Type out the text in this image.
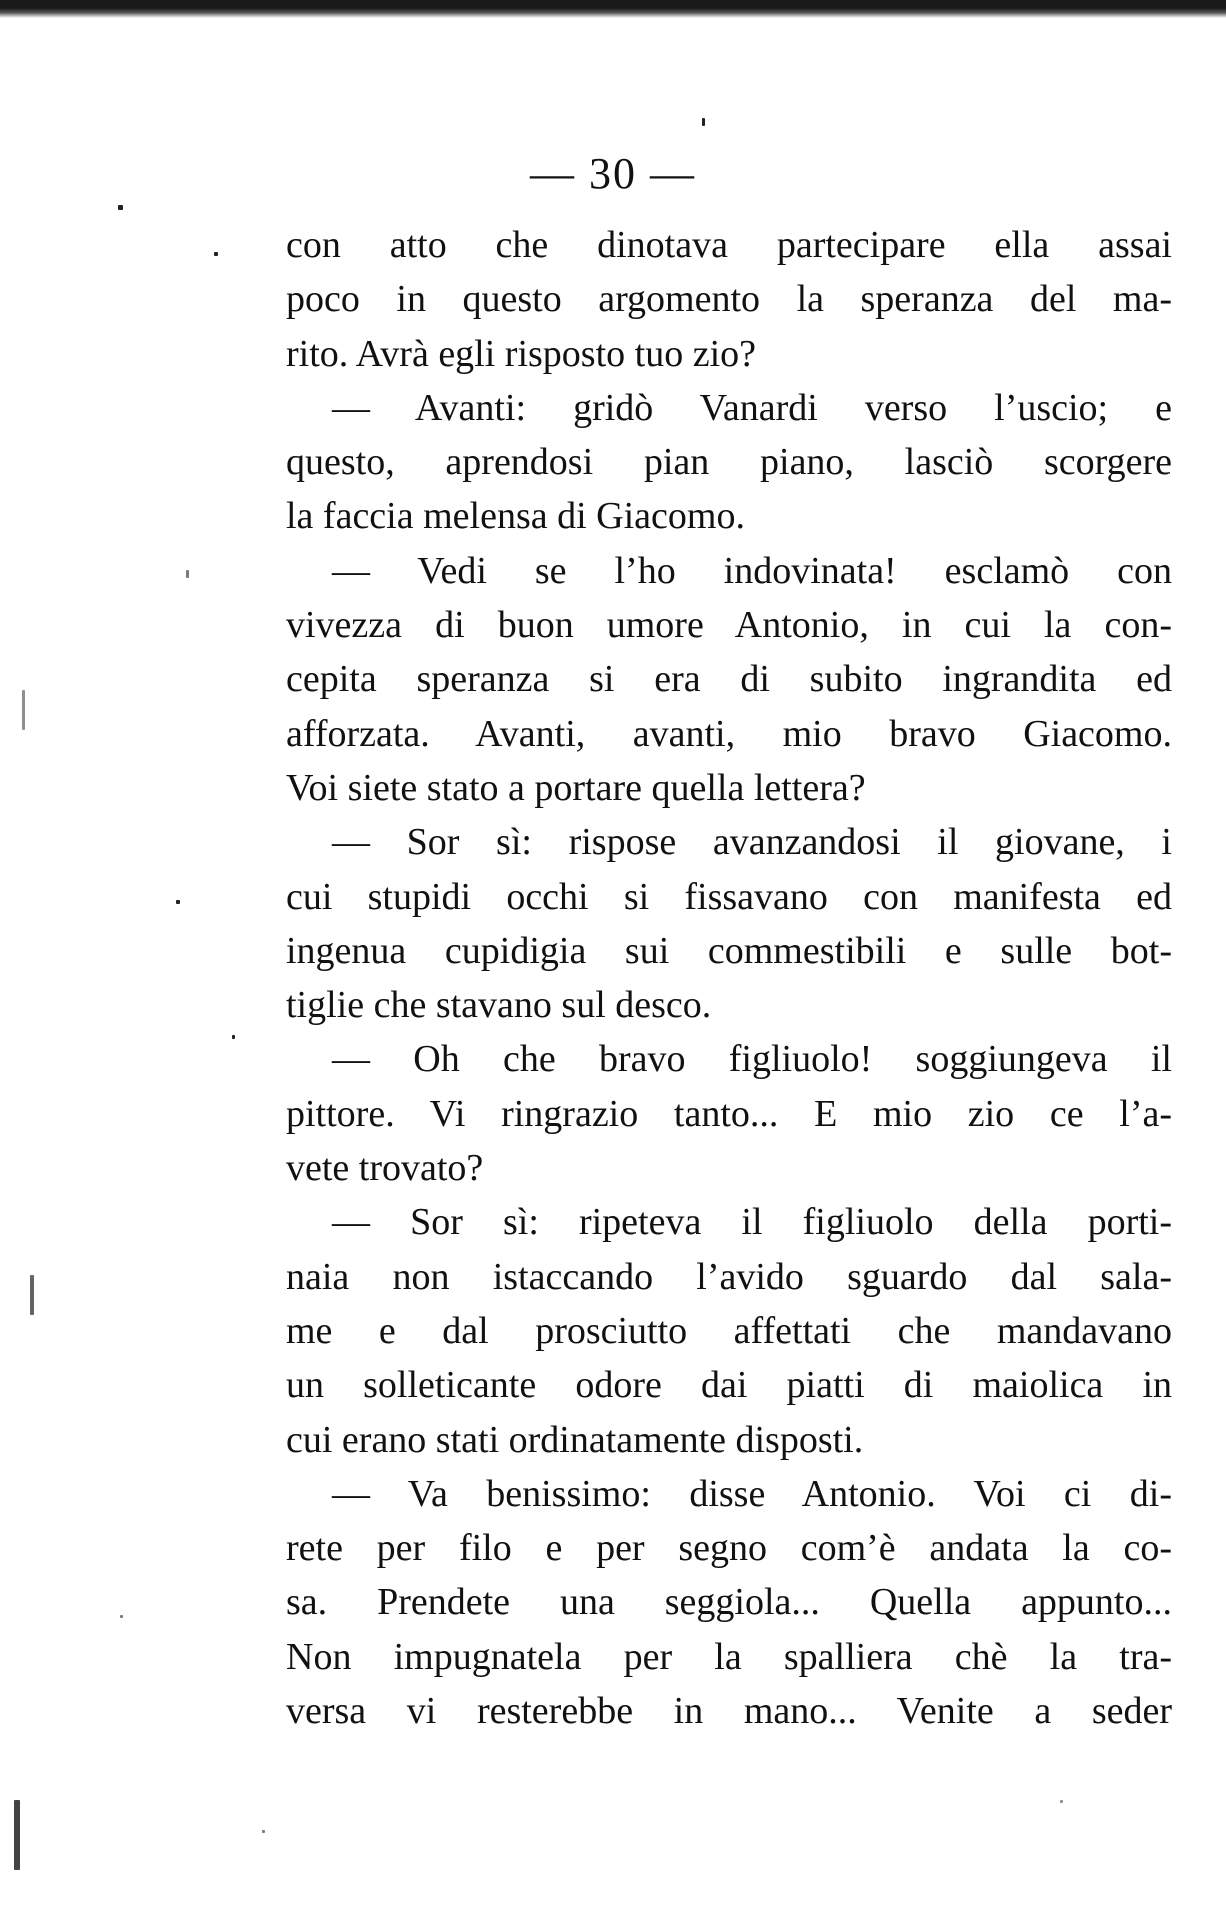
— 30 —
con atto che dinotava partecipare ella assai
poco in questo argomento la speranza del ma-
rito. Avrà egli risposto tuo zio?
— Avanti: gridò Vanardi verso l’uscio; e
questo, aprendosi pian piano, lasciò scorgere
la faccia melensa di Giacomo.
— Vedi se l’ho indovinata! esclamò con
vivezza di buon umore Antonio, in cui la con-
cepita speranza si era di subito ingrandita ed
afforzata. Avanti, avanti, mio bravo Giacomo.
Voi siete stato a portare quella lettera?
— Sor sì: rispose avanzandosi il giovane, i
cui stupidi occhi si fissavano con manifesta ed
ingenua cupidigia sui commestibili e sulle bot-
tiglie che stavano sul desco.
— Oh che bravo figliuolo! soggiungeva il
pittore. Vi ringrazio tanto... E mio zio ce l’a-
vete trovato?
— Sor sì: ripeteva il figliuolo della porti-
naia non istaccando l’avido sguardo dal sala-
me e dal prosciutto affettati che mandavano
un solleticante odore dai piatti di maiolica in
cui erano stati ordinatamente disposti.
— Va benissimo: disse Antonio. Voi ci di-
rete per filo e per segno com’è andata la co-
sa. Prendete una seggiola... Quella appunto...
Non impugnatela per la spalliera chè la tra-
versa vi resterebbe in mano... Venite a seder
